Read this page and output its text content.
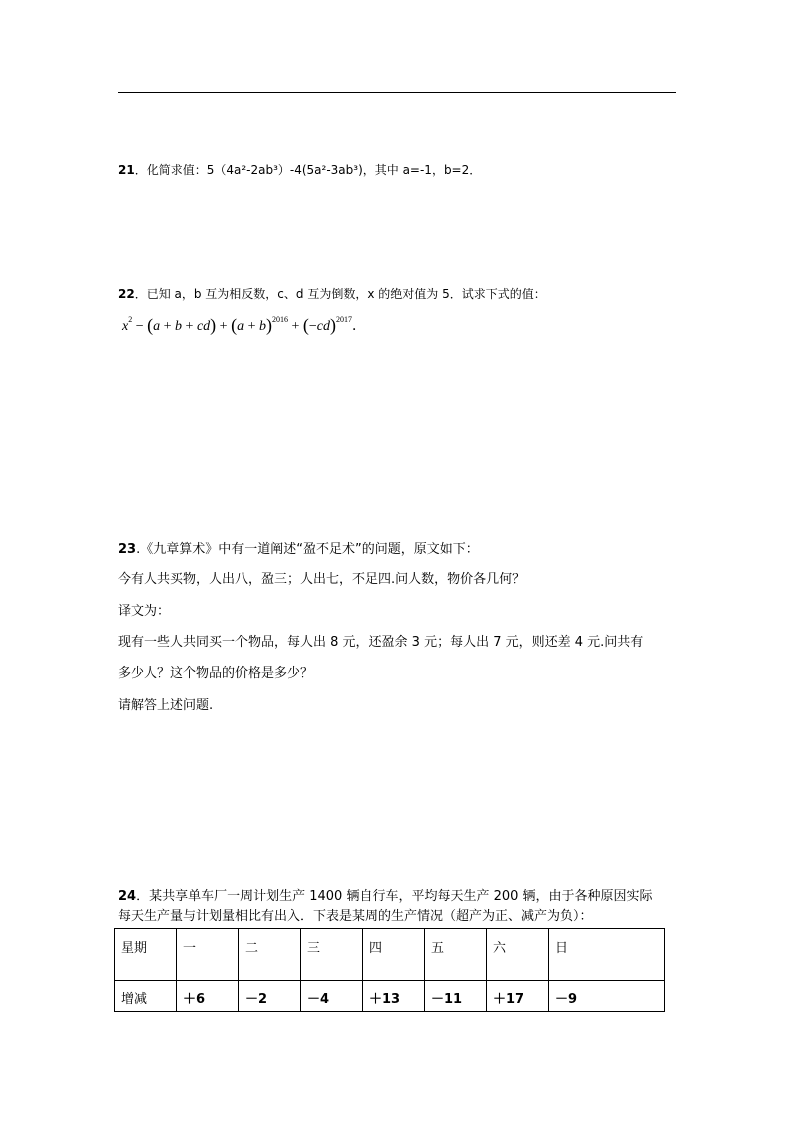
21．化简求值：5（4a²-2ab³）-4(5a²-3ab³)，其中 a=-1，b=2．
22．已知 a，b 互为相反数，c、d 互为倒数，x 的绝对值为 5．试求下式的值：
$x^2 - (a + b + cd) + (a + b)^{2016} + (-cd)^{2017}$．
23.《九章算术》中有一道阐述“盈不足术”的问题，原文如下：
今有人共买物，人出八，盈三；人出七，不足四.问人数，物价各几何？
译文为：
现有一些人共同买一个物品，每人出 8 元，还盈余 3 元；每人出 7 元，则还差 4 元.问共有
多少人？这个物品的价格是多少？
请解答上述问题.
24．某共享单车厂一周计划生产 1400 辆自行车，平均每天生产 200 辆，由于各种原因实际
每天生产量与计划量相比有出入．下表是某周的生产情况（超产为正、减产为负）：
星期	一	二	三	四	五	六	日
增减	＋6	－2	－4	＋13	－11	＋17	－9
